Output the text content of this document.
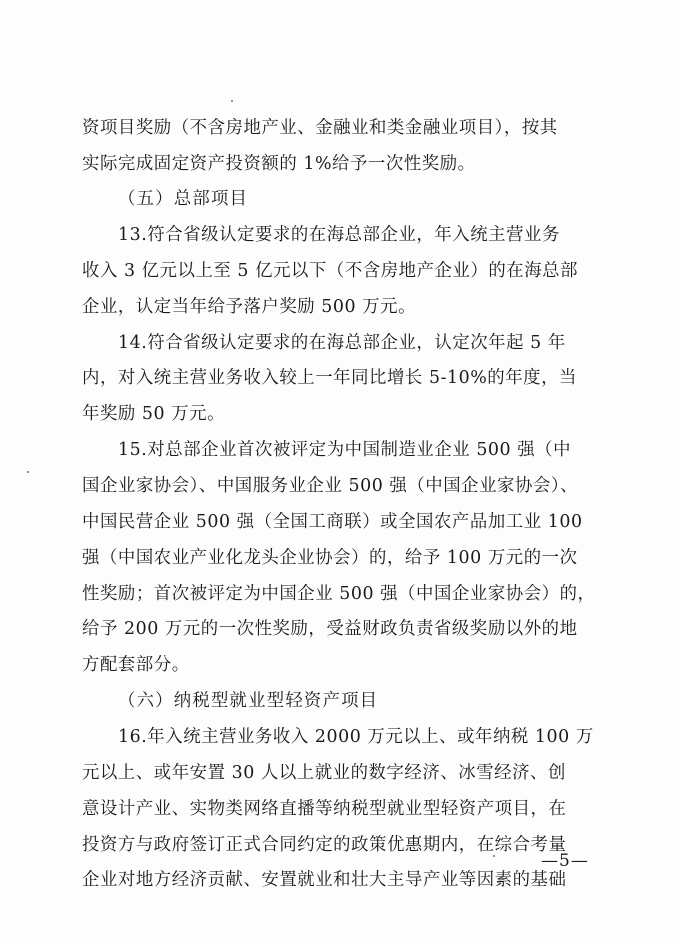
资项目奖励（不含房地产业、金融业和类金融业项目），按其
实际完成固定资产投资额的 1%给予一次性奖励。
（五）总部项目
13.符合省级认定要求的在海总部企业，年入统主营业务
收入 3 亿元以上至 5 亿元以下（不含房地产企业）的在海总部
企业，认定当年给予落户奖励 500 万元。
14.符合省级认定要求的在海总部企业，认定次年起 5 年
内，对入统主营业务收入较上一年同比增长 5-10%的年度，当
年奖励 50 万元。
15.对总部企业首次被评定为中国制造业企业 500 强（中
国企业家协会）、中国服务业企业 500 强（中国企业家协会）、
中国民营企业 500 强（全国工商联）或全国农产品加工业 100
强（中国农业产业化龙头企业协会）的，给予 100 万元的一次
性奖励；首次被评定为中国企业 500 强（中国企业家协会）的，
给予 200 万元的一次性奖励，受益财政负责省级奖励以外的地
方配套部分。
（六）纳税型就业型轻资产项目
16.年入统主营业务收入 2000 万元以上、或年纳税 100 万
元以上、或年安置 30 人以上就业的数字经济、冰雪经济、创
意设计产业、实物类网络直播等纳税型就业型轻资产项目，在
投资方与政府签订正式合同约定的政策优惠期内，在综合考量
企业对地方经济贡献、安置就业和壮大主导产业等因素的基础
—5—
